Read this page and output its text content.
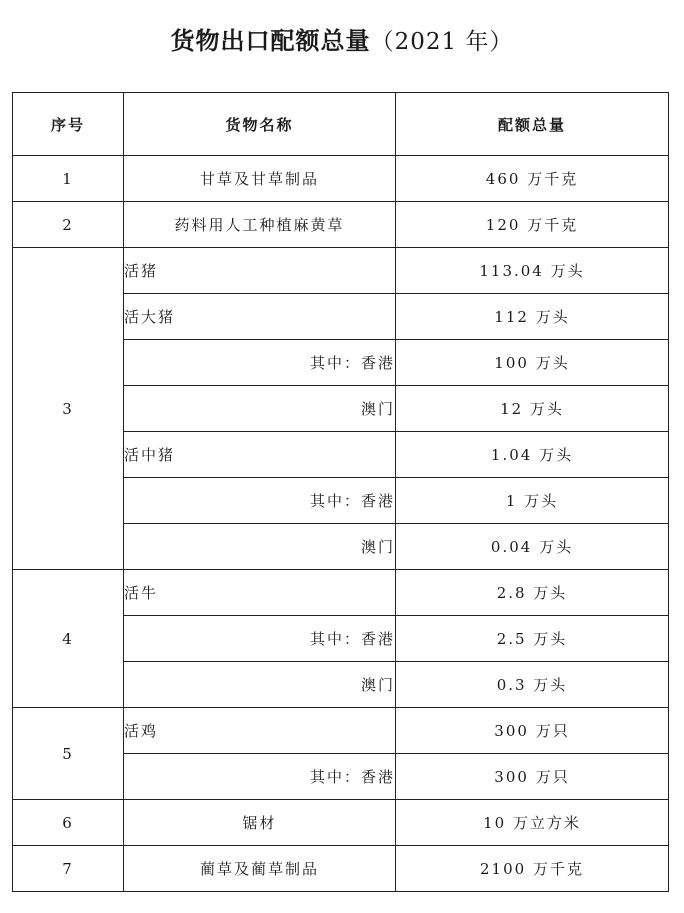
货物出口配额总量（2021 年）
序号	货物名称	配额总量
1	甘草及甘草制品	460 万千克
2	药料用人工种植麻黄草	120 万千克
3	活猪	113.04 万头
	活大猪	112 万头
	其中：香港	100 万头
	澳门	12 万头
	活中猪	1.04 万头
	其中：香港	1 万头
	澳门	0.04 万头
4	活牛	2.8 万头
	其中：香港	2.5 万头
	澳门	0.3 万头
5	活鸡	300 万只
	其中：香港	300 万只
6	锯材	10 万立方米
7	蔺草及蔺草制品	2100 万千克
